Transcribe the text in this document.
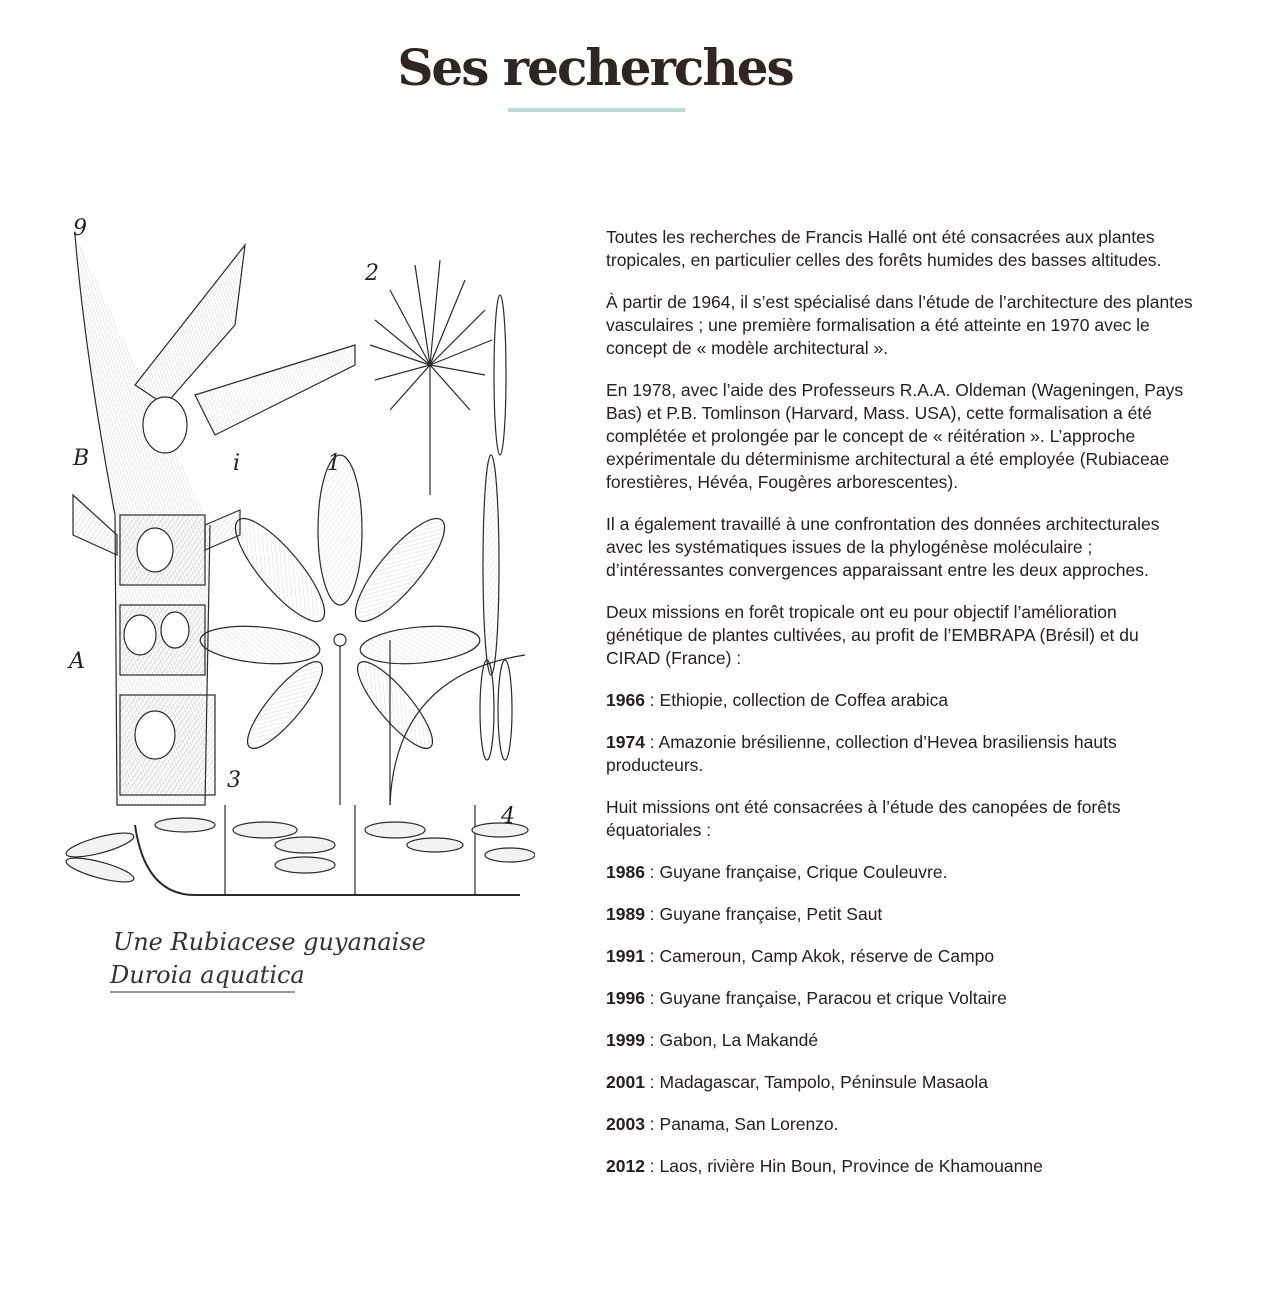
Ses recherches
9
2
1
B	i
A
3
4
Une Rubiacese guyanaise
Duroia aquatica

Toutes les recherches de Francis Hallé ont été consacrées aux plantes tropicales, en particulier celles des forêts humides des basses altitudes.

À partir de 1964, il s’est spécialisé dans l’étude de l’architecture des plantes vasculaires ; une première formalisation a été atteinte en 1970 avec le concept de « modèle architectural ».

En 1978, avec l’aide des Professeurs R.A.A. Oldeman (Wageningen, Pays Bas) et P.B. Tomlinson (Harvard, Mass. USA), cette formalisation a été complétée et prolongée par le concept de « réitération ». L’approche expérimentale du déterminisme architectural a été employée (Rubiaceae forestières, Hévéa, Fougères arborescentes).

Il a également travaillé à une confrontation des données architecturales avec les systématiques issues de la phylogénèse moléculaire ; d’intéressantes convergences apparaissant entre les deux approches.

Deux missions en forêt tropicale ont eu pour objectif l’amélioration génétique de plantes cultivées, au profit de l’EMBRAPA (Brésil) et du CIRAD (France) :

1966 : Ethiopie, collection de Coffea arabica

1974 : Amazonie brésilienne, collection d’Hevea brasiliensis hauts producteurs.

Huit missions ont été consacrées à l’étude des canopées de forêts équatoriales :

1986 : Guyane française, Crique Couleuvre.

1989 : Guyane française, Petit Saut

1991 : Cameroun, Camp Akok, réserve de Campo

1996 : Guyane française, Paracou et crique Voltaire

1999 : Gabon, La Makandé

2001 : Madagascar, Tampolo, Péninsule Masaola

2003 : Panama, San Lorenzo.

2012 : Laos, rivière Hin Boun, Province de Khamouanne
